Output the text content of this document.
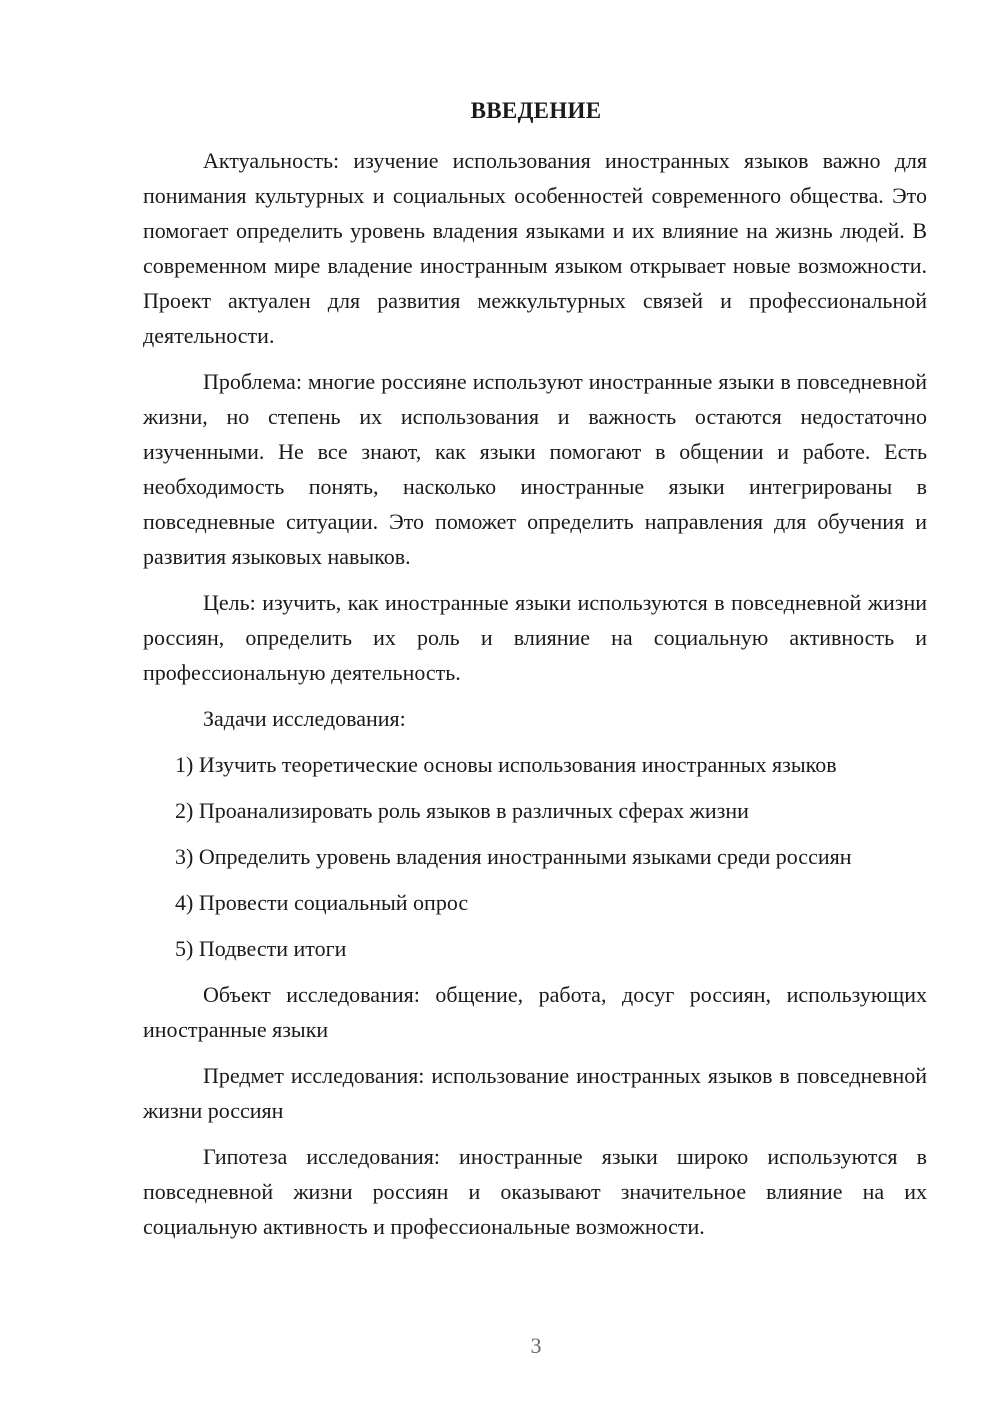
ВВЕДЕНИЕ

Актуальность: изучение использования иностранных языков важно для понимания культурных и социальных особенностей современного общества. Это помогает определить уровень владения языками и их влияние на жизнь людей. В современном мире владение иностранным языком открывает новые возможности. Проект актуален для развития межкультурных связей и профессиональной деятельности.

Проблема: многие россияне используют иностранные языки в повседневной жизни, но степень их использования и важность остаются недостаточно изученными. Не все знают, как языки помогают в общении и работе. Есть необходимость понять, насколько иностранные языки интегрированы в повседневные ситуации. Это поможет определить направления для обучения и развития языковых навыков.

Цель: изучить, как иностранные языки используются в повседневной жизни россиян, определить их роль и влияние на социальную активность и профессиональную деятельность.

Задачи исследования:

1) Изучить теоретические основы использования иностранных языков

2) Проанализировать роль языков в различных сферах жизни

3) Определить уровень владения иностранными языками среди россиян

4) Провести социальный опрос

5) Подвести итоги

Объект исследования: общение, работа, досуг россиян, использующих иностранные языки

Предмет исследования: использование иностранных языков в повседневной жизни россиян

Гипотеза исследования: иностранные языки широко используются в повседневной жизни россиян и оказывают значительное влияние на их социальную активность и профессиональные возможности.

3
